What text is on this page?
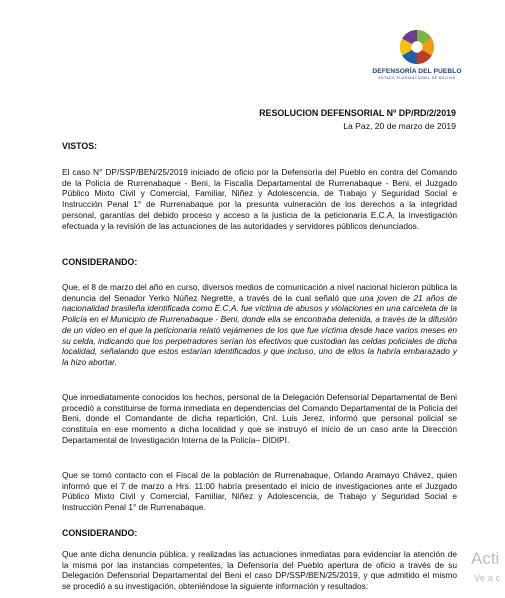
DEFENSORÍA DEL PUEBLO
ESTADO PLURINACIONAL DE BOLIVIA
RESOLUCION DEFENSORIAL Nº DP/RD/2/2019
La Paz, 20 de marzo de 2019
VISTOS:
El caso N° DP/SSP/BEN/25/2019 iniciado de oficio por la Defensoría del Pueblo en contra del Comando de la Policía de Rurrenabaque - Beni, la Fiscalía Departamental de Rurrenabaque - Beni, el Juzgado Público Mixto Civil y Comercial, Familiar, Niñez y Adolescencia, de Trabajo y Seguridad Social e Instrucción Penal 1° de Rurrenabaque por la presunta vulneración de los derechos a la integridad personal, garantías del debido proceso y acceso a la justicia de la peticionaria E.C.A, la investigación efectuada y la revisión de las actuaciones de las autoridades y servidores públicos denunciados.
CONSIDERANDO:
Que, el 8 de marzo del año en curso, diversos medios de comunicación a nivel nacional hicieron pública la denuncia del Senador Yerko Núñez Negrette, a través de la cual señaló que una joven de 21 años de nacionalidad brasileña identificada como E.C.A. fue víctima de abusos y violaciones en una carceleta de la Policía en el Municipio de Rurrenabaque - Beni, donde ella se encontraba detenida, a través de la difusión de un video en el que la peticionaria relató vejámenes de los que fue víctima desde hace varios meses en su celda, indicando que los perpetradores serían los efectivos que custodian las celdas policiales de dicha localidad, señalando que estos estarían identificados y que incluso, uno de ellos la habría embarazado y la hizo abortar.
Que inmediatamente conocidos los hechos, personal de la Delegación Defensorial Departamental de Beni procedió a constituirse de forma inmediata en dependencias del Comando Departamental de la Policía del Beni, donde el Comandante de dicha repartición, Cnl. Luis Jerez, informó que personal policial se constituía en ese momento a dicha localidad y que se instruyó el inicio de un caso ante la Dirección Departamental de Investigación Interna de la Policía– DIDIPI.
Que se tomó contacto con el Fiscal de la población de Rurrenabaque, Orlando Aramayo Chávez, quien informó que el 7 de marzo a Hrs. 11:00 habría presentado el inicio de investigaciones ante el Juzgado Público Mixto Civil y Comercial, Familiar, Niñez y Adolescencia, de Trabajo y Seguridad Social e Instrucción Penal 1° de Rurrenabaque.
CONSIDERANDO:
Que ante dicha denuncia pública, y realizadas las actuaciones inmediatas para evidenciar la atención de la misma por las instancias competentes, la Defensoría del Pueblo apertura de oficio a través de su Delegación Defensorial Departamental del Beni el caso DP/SSP/BEN/25/2019, y que admitido el mismo se procedió a su investigación, obteniéndose la siguiente información y resultados:
Acti
Ve a c
